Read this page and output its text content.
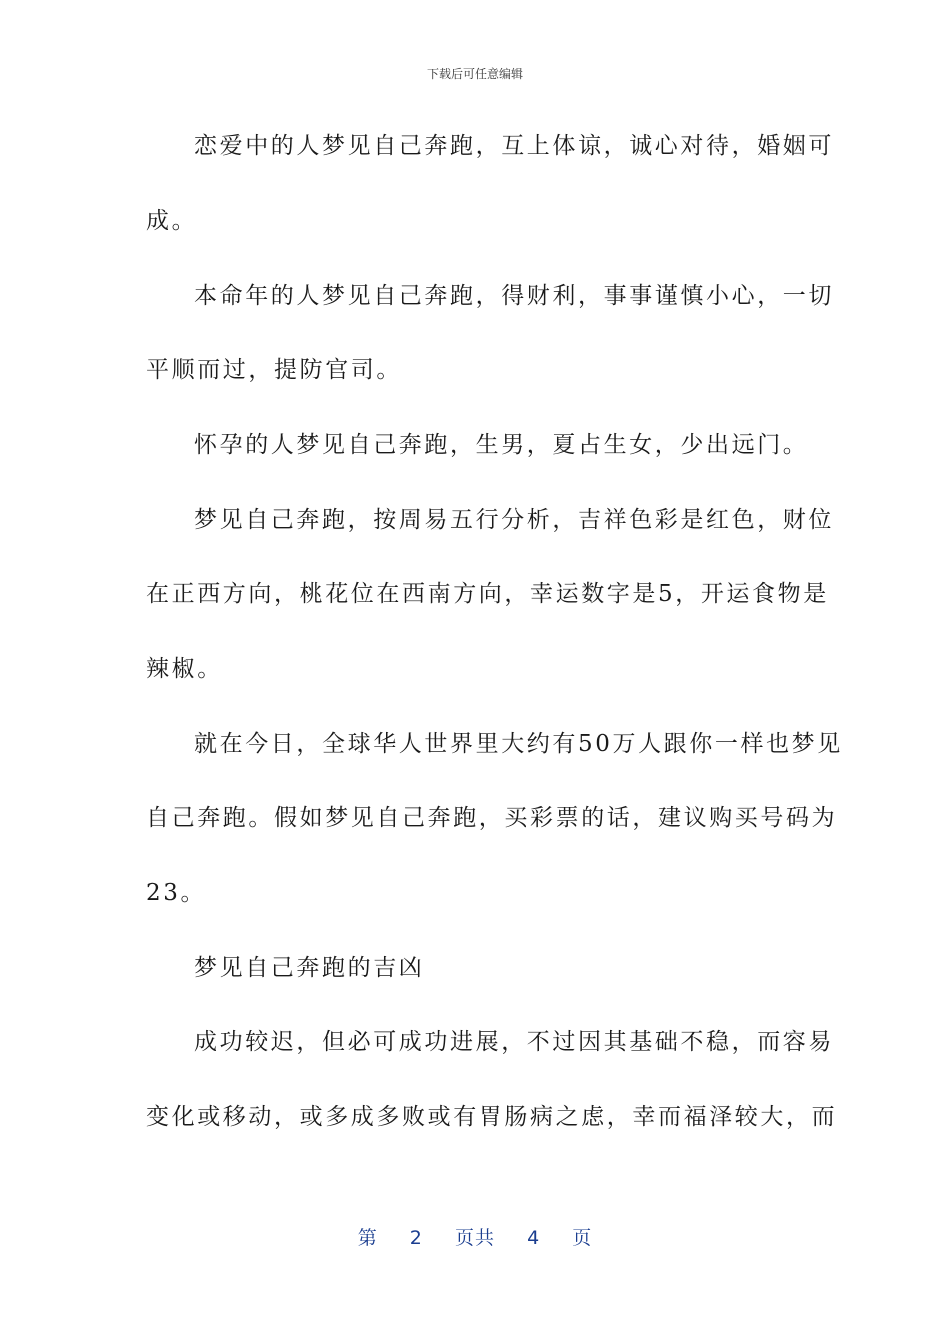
下载后可任意编辑
恋爱中的人梦见自己奔跑，互上体谅，诚心对待，婚姻可
成。
本命年的人梦见自己奔跑，得财利，事事谨慎小心，一切
平顺而过，提防官司。
怀孕的人梦见自己奔跑，生男，夏占生女，少出远门。
梦见自己奔跑，按周易五行分析，吉祥色彩是红色，财位
在正西方向，桃花位在西南方向，幸运数字是5，开运食物是
辣椒。
就在今日，全球华人世界里大约有50万人跟你一样也梦见
自己奔跑。假如梦见自己奔跑，买彩票的话，建议购买号码为
23。
梦见自己奔跑的吉凶
成功较迟，但必可成功进展，不过因其基础不稳，而容易
变化或移动，或多成多败或有胃肠病之虑，幸而福泽较大，而
第 2 页共 4 页
